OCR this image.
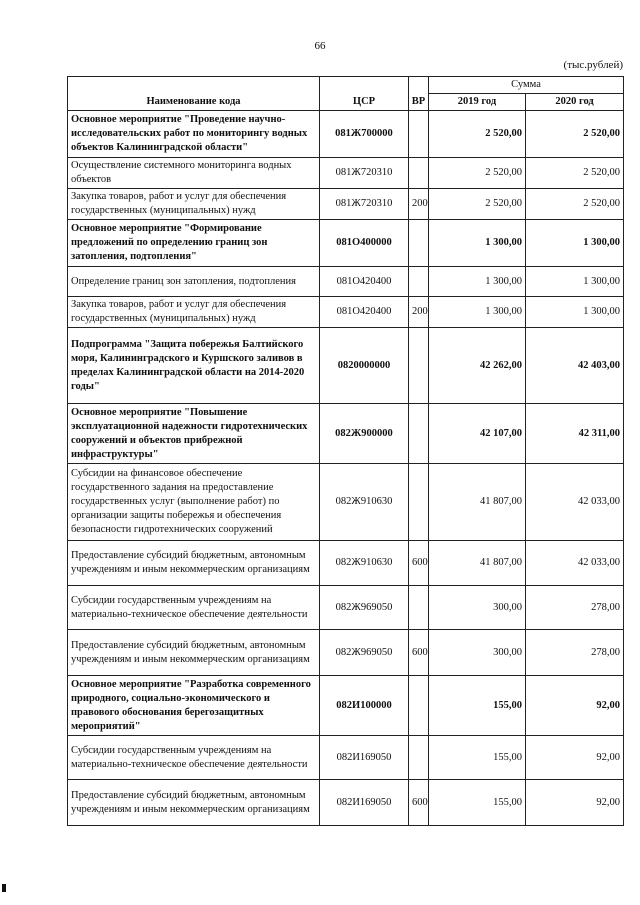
66
(тыс.рублей)
Наименование кода	ЦСР	ВР	Сумма	
			2019 год	2020 год
Основное мероприятие "Проведение научно-исследовательских работ по мониторингу водных объектов Калининградской области"	081Ж700000		2 520,00	2 520,00
Осуществление системного мониторинга водных объектов	081Ж720310		2 520,00	2 520,00
Закупка товаров, работ и услуг для обеспечения государственных (муниципальных) нужд	081Ж720310	200	2 520,00	2 520,00
Основное мероприятие "Формирование предложений по определению границ зон затопления, подтопления"	081О400000		1 300,00	1 300,00
Определение границ зон затопления, подтопления	081О420400		1 300,00	1 300,00
Закупка товаров, работ и услуг для обеспечения государственных (муниципальных) нужд	081О420400	200	1 300,00	1 300,00
Подпрограмма "Защита побережья Балтийского моря, Калининградского и Куршского заливов в пределах Калининградской области на 2014-2020 годы"	0820000000		42 262,00	42 403,00
Основное мероприятие "Повышение эксплуатационной надежности гидротехнических сооружений и объектов прибрежной инфраструктуры"	082Ж900000		42 107,00	42 311,00
Субсидии на финансовое обеспечение государственного задания на предоставление государственных услуг (выполнение работ) по организации защиты побережья и обеспечения безопасности гидротехнических сооружений	082Ж910630		41 807,00	42 033,00
Предоставление субсидий бюджетным, автономным учреждениям и иным некоммерческим организациям	082Ж910630	600	41 807,00	42 033,00
Субсидии государственным учреждениям на материально-техническое обеспечение деятельности	082Ж969050		300,00	278,00
Предоставление субсидий бюджетным, автономным учреждениям и иным некоммерческим организациям	082Ж969050	600	300,00	278,00
Основное мероприятие "Разработка современного природного, социально-экономического и правового обоснования берегозащитных мероприятий"	082И100000		155,00	92,00
Субсидии государственным учреждениям на материально-техническое обеспечение деятельности	082И169050		155,00	92,00
Предоставление субсидий бюджетным, автономным учреждениям и иным некоммерческим организациям	082И169050	600	155,00	92,00
